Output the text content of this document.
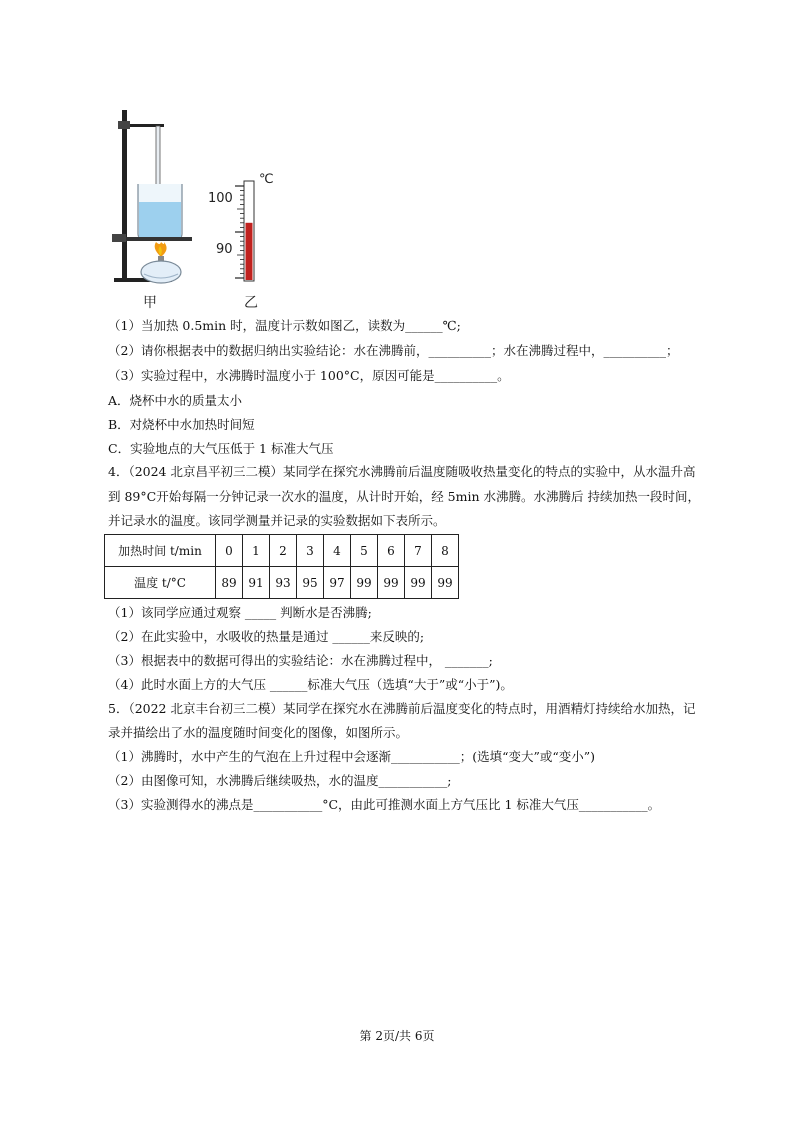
℃
100
90
甲	乙
（1）当加热 0.5min 时，温度计示数如图乙，读数为______℃;
（2）请你根据表中的数据归纳出实验结论：水在沸腾前，__________；水在沸腾过程中，__________；
（3）实验过程中，水沸腾时温度小于 100°C，原因可能是__________。
A．烧杯中水的质量太小
B．对烧杯中水加热时间短
C．实验地点的大气压低于 1 标准大气压
4．（2024 北京昌平初三二模）某同学在探究水沸腾前后温度随吸收热量变化的特点的实验中，从水温升高
到 89°C开始每隔一分钟记录一次水的温度，从计时开始，经 5min 水沸腾。水沸腾后 持续加热一段时间，
并记录水的温度。该同学测量并记录的实验数据如下表所示。
加热时间 t/min	0	1	2	3	4	5	6	7	8
温度 t/°C	89	91	93	95	97	99	99	99	99
（1）该同学应通过观察 _____ 判断水是否沸腾;
（2）在此实验中，水吸收的热量是通过 ______来反映的;
（3）根据表中的数据可得出的实验结论：水在沸腾过程中， _______;
（4）此时水面上方的大气压 ______标准大气压（选填“大于”或“小于”)。
5．（2022 北京丰台初三二模）某同学在探究水在沸腾前后温度变化的特点时，用酒精灯持续给水加热，记
录并描绘出了水的温度随时间变化的图像，如图所示。
（1）沸腾时，水中产生的气泡在上升过程中会逐渐___________；(选填“变大”或“变小”)
（2）由图像可知，水沸腾后继续吸热，水的温度___________;
（3）实验测得水的沸点是___________°C，由此可推测水面上方气压比 1 标准大气压___________。
第 2页/共 6页
